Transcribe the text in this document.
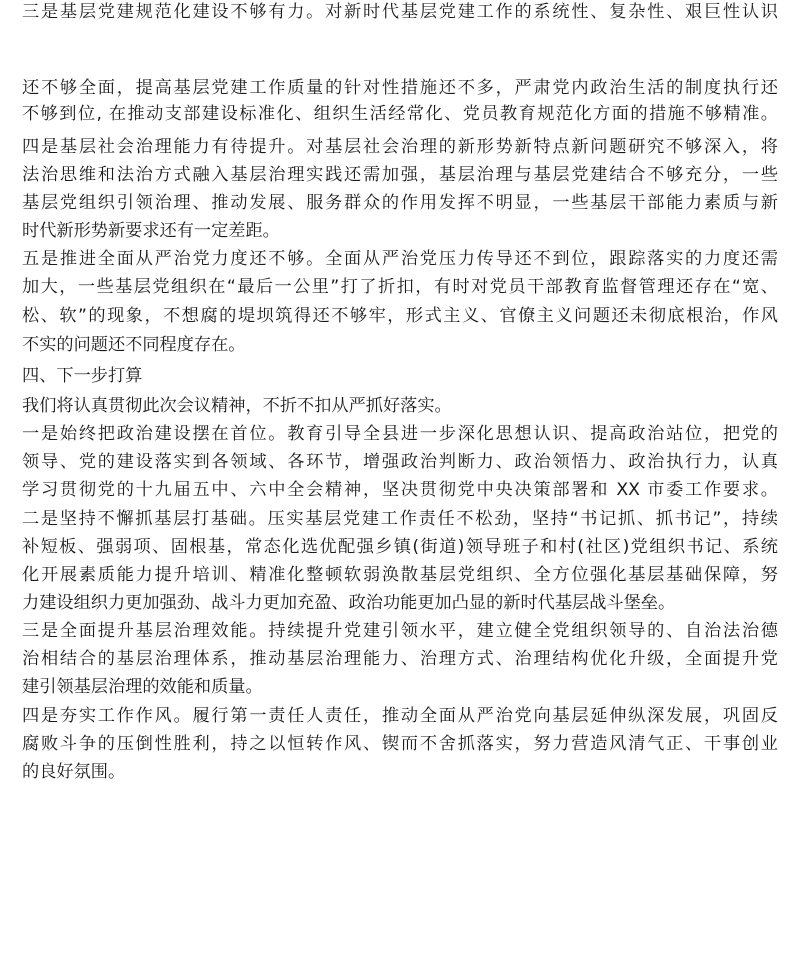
三是基层党建规范化建设不够有力。对新时代基层党建工作的系统性、复杂性、艰巨性认识
还不够全面，提高基层党建工作质量的针对性措施还不多，严肃党内政治生活的制度执行还
不够到位, 在推动支部建设标准化、组织生活经常化、党员教育规范化方面的措施不够精准。
四是基层社会治理能力有待提升。对基层社会治理的新形势新特点新问题研究不够深入，将
法治思维和法治方式融入基层治理实践还需加强，基层治理与基层党建结合不够充分，一些
基层党组织引领治理、推动发展、服务群众的作用发挥不明显，一些基层干部能力素质与新
时代新形势新要求还有一定差距。
五是推进全面从严治党力度还不够。全面从严治党压力传导还不到位，跟踪落实的力度还需
加大，一些基层党组织在“最后一公里”打了折扣，有时对党员干部教育监督管理还存在“宽、
松、软”的现象，不想腐的堤坝筑得还不够牢，形式主义、官僚主义问题还未彻底根治，作风
不实的问题还不同程度存在。
四、下一步打算
我们将认真贯彻此次会议精神，不折不扣从严抓好落实。
一是始终把政治建设摆在首位。教育引导全县进一步深化思想认识、提高政治站位，把党的
领导、党的建设落实到各领域、各环节，增强政治判断力、政治领悟力、政治执行力，认真
学习贯彻党的十九届五中、六中全会精神，坚决贯彻党中央决策部署和 XX 市委工作要求。
二是坚持不懈抓基层打基础。压实基层党建工作责任不松劲，坚持“书记抓、抓书记”，持续
补短板、强弱项、固根基，常态化选优配强乡镇(街道)领导班子和村(社区)党组织书记、系统
化开展素质能力提升培训、精准化整顿软弱涣散基层党组织、全方位强化基层基础保障，努
力建设组织力更加强劲、战斗力更加充盈、政治功能更加凸显的新时代基层战斗堡垒。
三是全面提升基层治理效能。持续提升党建引领水平，建立健全党组织领导的、自治法治德
治相结合的基层治理体系，推动基层治理能力、治理方式、治理结构优化升级，全面提升党
建引领基层治理的效能和质量。
四是夯实工作作风。履行第一责任人责任，推动全面从严治党向基层延伸纵深发展，巩固反
腐败斗争的压倒性胜利，持之以恒转作风、锲而不舍抓落实，努力营造风清气正、干事创业
的良好氛围。
